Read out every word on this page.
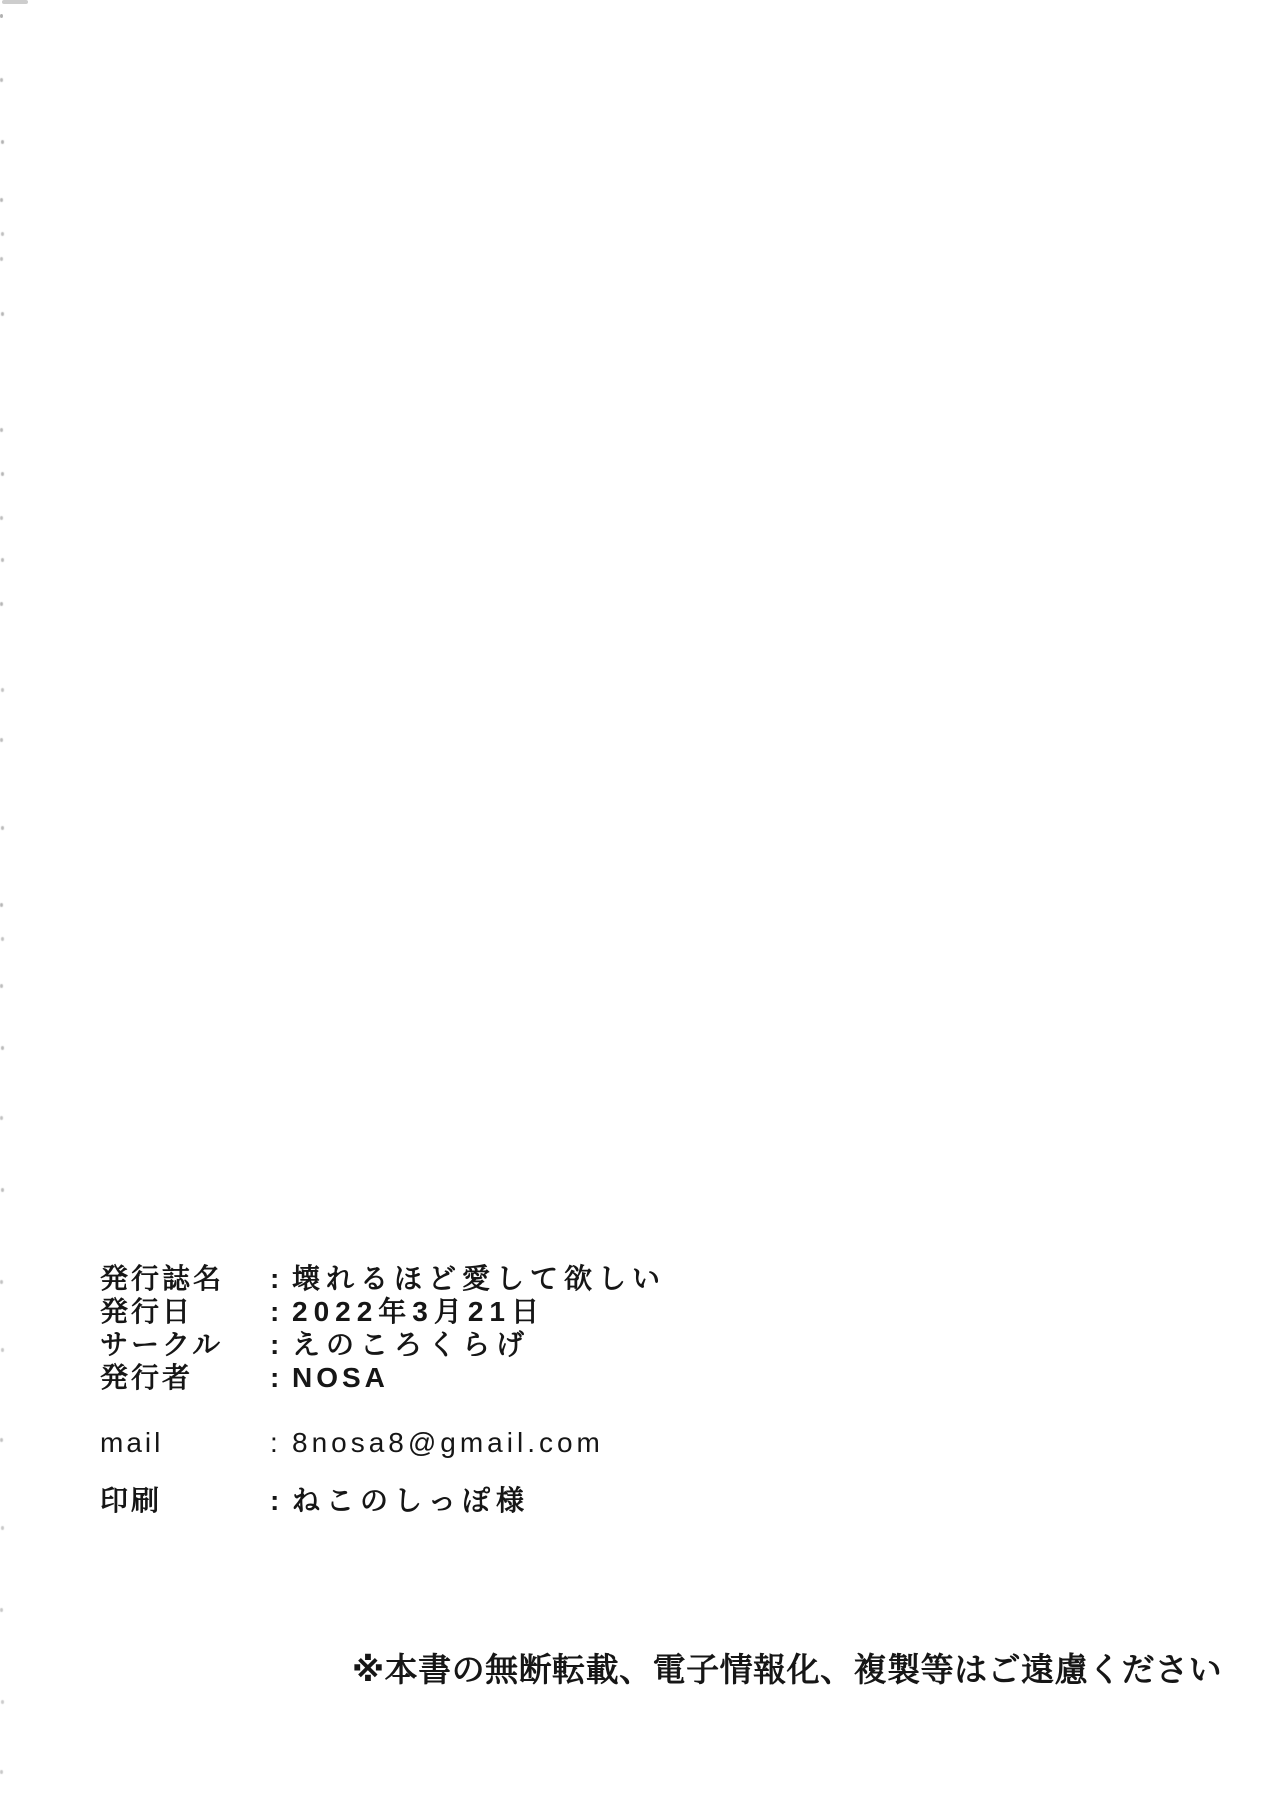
発行誌名 : 壊れるほど愛して欲しい
発行日	: 2022年3月21日
サークル : えのころくらげ
発行者	: NOSA
mail	: 8nosa8@gmail.com
印刷	: ねこのしっぽ様
※本書の無断転載、電子情報化、複製等はご遠慮ください
